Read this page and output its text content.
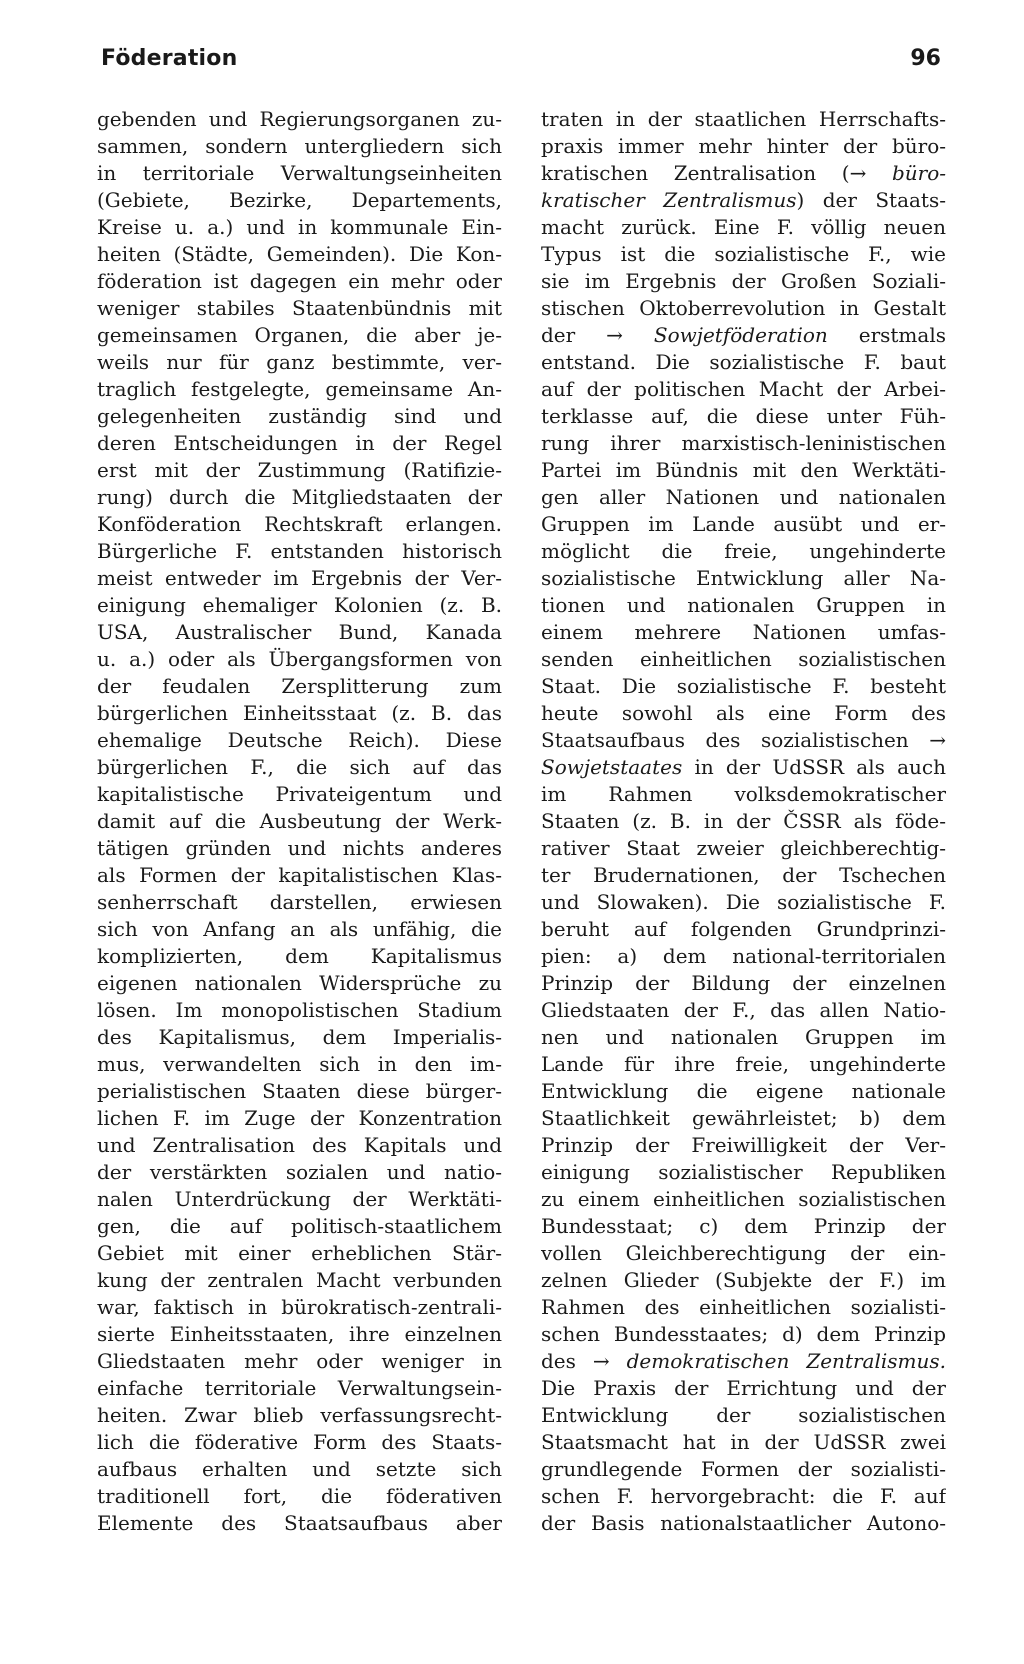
Föderation	96
gebenden und Regierungsorganen zu-
sammen, sondern untergliedern sich
in territoriale Verwaltungseinheiten
(Gebiete, Bezirke, Departements,
Kreise u. a.) und in kommunale Ein-
heiten (Städte, Gemeinden). Die Kon-
föderation ist dagegen ein mehr oder
weniger stabiles Staatenbündnis mit
gemeinsamen Organen, die aber je-
weils nur für ganz bestimmte, ver-
traglich festgelegte, gemeinsame An-
gelegenheiten zuständig sind und
deren Entscheidungen in der Regel
erst mit der Zustimmung (Ratifizie-
rung) durch die Mitgliedstaaten der
Konföderation Rechtskraft erlangen.
Bürgerliche F. entstanden historisch
meist entweder im Ergebnis der Ver-
einigung ehemaliger Kolonien (z. B.
USA, Australischer Bund, Kanada
u. a.) oder als Übergangsformen von
der feudalen Zersplitterung zum
bürgerlichen Einheitsstaat (z. B. das
ehemalige Deutsche Reich). Diese
bürgerlichen F., die sich auf das
kapitalistische Privateigentum und
damit auf die Ausbeutung der Werk-
tätigen gründen und nichts anderes
als Formen der kapitalistischen Klas-
senherrschaft darstellen, erwiesen
sich von Anfang an als unfähig, die
komplizierten, dem Kapitalismus
eigenen nationalen Widersprüche zu
lösen. Im monopolistischen Stadium
des Kapitalismus, dem Imperialis-
mus, verwandelten sich in den im-
perialistischen Staaten diese bürger-
lichen F. im Zuge der Konzentration
und Zentralisation des Kapitals und
der verstärkten sozialen und natio-
nalen Unterdrückung der Werktäti-
gen, die auf politisch-staatlichem
Gebiet mit einer erheblichen Stär-
kung der zentralen Macht verbunden
war, faktisch in bürokratisch-zentrali-
sierte Einheitsstaaten, ihre einzelnen
Gliedstaaten mehr oder weniger in
einfache territoriale Verwaltungsein-
heiten. Zwar blieb verfassungsrecht-
lich die föderative Form des Staats-
aufbaus erhalten und setzte sich
traditionell fort, die föderativen
Elemente des Staatsaufbaus aber
traten in der staatlichen Herrschafts-
praxis immer mehr hinter der büro-
kratischen Zentralisation (→ büro-
kratischer Zentralismus) der Staats-
macht zurück. Eine F. völlig neuen
Typus ist die sozialistische F., wie
sie im Ergebnis der Großen Soziali-
stischen Oktoberrevolution in Gestalt
der → Sowjetföderation erstmals
entstand. Die sozialistische F. baut
auf der politischen Macht der Arbei-
terklasse auf, die diese unter Füh-
rung ihrer marxistisch-leninistischen
Partei im Bündnis mit den Werktäti-
gen aller Nationen und nationalen
Gruppen im Lande ausübt und er-
möglicht die freie, ungehinderte
sozialistische Entwicklung aller Na-
tionen und nationalen Gruppen in
einem mehrere Nationen umfas-
senden einheitlichen sozialistischen
Staat. Die sozialistische F. besteht
heute sowohl als eine Form des
Staatsaufbaus des sozialistischen →
Sowjetstaates in der UdSSR als auch
im Rahmen volksdemokratischer
Staaten (z. B. in der ČSSR als föde-
rativer Staat zweier gleichberechtig-
ter Brudernationen, der Tschechen
und Slowaken). Die sozialistische F.
beruht auf folgenden Grundprinzi-
pien: a) dem national-territorialen
Prinzip der Bildung der einzelnen
Gliedstaaten der F., das allen Natio-
nen und nationalen Gruppen im
Lande für ihre freie, ungehinderte
Entwicklung die eigene nationale
Staatlichkeit gewährleistet; b) dem
Prinzip der Freiwilligkeit der Ver-
einigung sozialistischer Republiken
zu einem einheitlichen sozialistischen
Bundesstaat; c) dem Prinzip der
vollen Gleichberechtigung der ein-
zelnen Glieder (Subjekte der F.) im
Rahmen des einheitlichen sozialisti-
schen Bundesstaates; d) dem Prinzip
des → demokratischen Zentralismus.
Die Praxis der Errichtung und der
Entwicklung der sozialistischen
Staatsmacht hat in der UdSSR zwei
grundlegende Formen der sozialisti-
schen F. hervorgebracht: die F. auf
der Basis nationalstaatlicher Autono-
